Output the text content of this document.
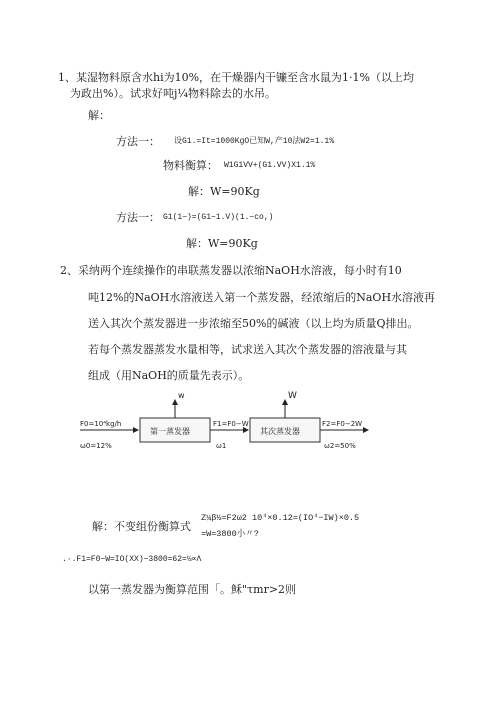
1、某湿物料原含水hi为10%，在干燥器内干镰至含水鼠为1·1%（以上均
为政出%）。试求好吨j¼物料除去的水吊。
解：
方法一： 设G1.=It=1000KgO已知W,产10法W2=1.1%
物料衡算： W1G1VV+(G1.VV)X1.1%
解：W=90Kg
方法一： G1(1−)=(G1−1.V)(1.−co,)
解：W=90Kg
2、采纳两个连续操作的串联蒸发器以浓缩NaOH水溶液，每小时有10
吨12%的NaOH水溶液送入第一个蒸发器，经浓缩后的NaOH水溶液再
送入其次个蒸发器进一步浓缩至50%的碱液（以上均为质量Q排出。
若每个蒸发器蒸发水量相等，试求送入其次个蒸发器的溶液量与其
组成（用NaOH的质量先表示）。
w	W
F0=10⁴kg/h
ω0=12%
第一蒸发器
F1=F0−W
ω1
其次蒸发器
F2=F0−2W
ω2=50%
解：不变组份衡算式
Z¼β½=F2ω2 10⁴×0.12=(IO⁴−IW)×0.5
=W=3800小〃?
.·.F1=F0−W=IO(XX)−3800=62=½∝Λ
以第一蒸发器为衡算范围「。稣"τmr>2则
